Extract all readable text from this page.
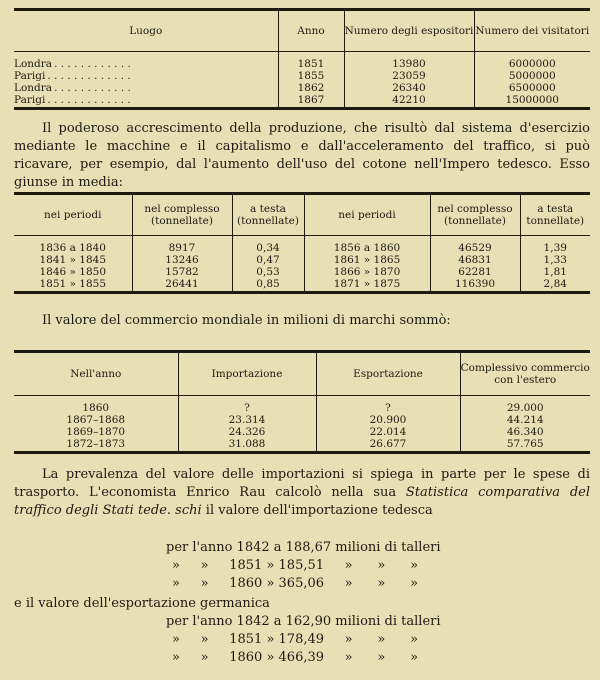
Luogo	Anno	Numero degli espositori	Numero dei visitatori

Londra . . . . . . . . . . . .	1851	13980	6000000
Parigi . . . . . . . . . . . . .	1855	23059	5000000
Londra . . . . . . . . . . . .	1862	26340	6500000
Parigi . . . . . . . . . . . . .	1867	42210	15000000

Il poderoso accrescimento della produzione, che risultò dal sistema d'esercizio mediante le macchine e il capitalismo e dall'acceleramento del traffico, si può ricavare, per esempio, dal l'aumento dell'uso del cotone nell'Impero tedesco. Esso giunse in media:
nei periodi	nel complesso (tonnellate)	a testa (tonnellate)	nei periodi	nel complesso (tonnellate)	a testa tonnellate)

1836 a 1840	8917	0,34	1856 a 1860	46529	1,39
1841 » 1845	13246	0,47	1861 » 1865	46831	1,33
1846 » 1850	15782	0,53	1866 » 1870	62281	1,81
1851 » 1855	26441	0,85	1871 » 1875	116390	2,84

Il valore del commercio mondiale in milioni di marchi sommò:
Nell'anno	Importazione	Esportazione	Complessivo commercio con l'estero

1860	?	?	29.000
1867–1868	23.314	20.900	44.214
1869–1870	24.326	22.014	46.340
1872–1873	31.088	26.677	57.765

La prevalenza del valore delle importazioni si spiega in parte per le spese di trasporto. L'economista Enrico Rau calcolò nella sua Statistica comparativa del traffico degli Stati tede. schi il valore dell'importazione tedesca
per l'anno 1842 a 188,67 milioni di talleri
»     »     1851 » 185,51     »      »      »
»     »     1860 » 365,06     »      »      »
e il valore dell'esportazione germanica
per l'anno 1842 a 162,90 milioni di talleri
»     »     1851 » 178,49     »      »      »
»     »     1860 » 466,39     »      »      »
